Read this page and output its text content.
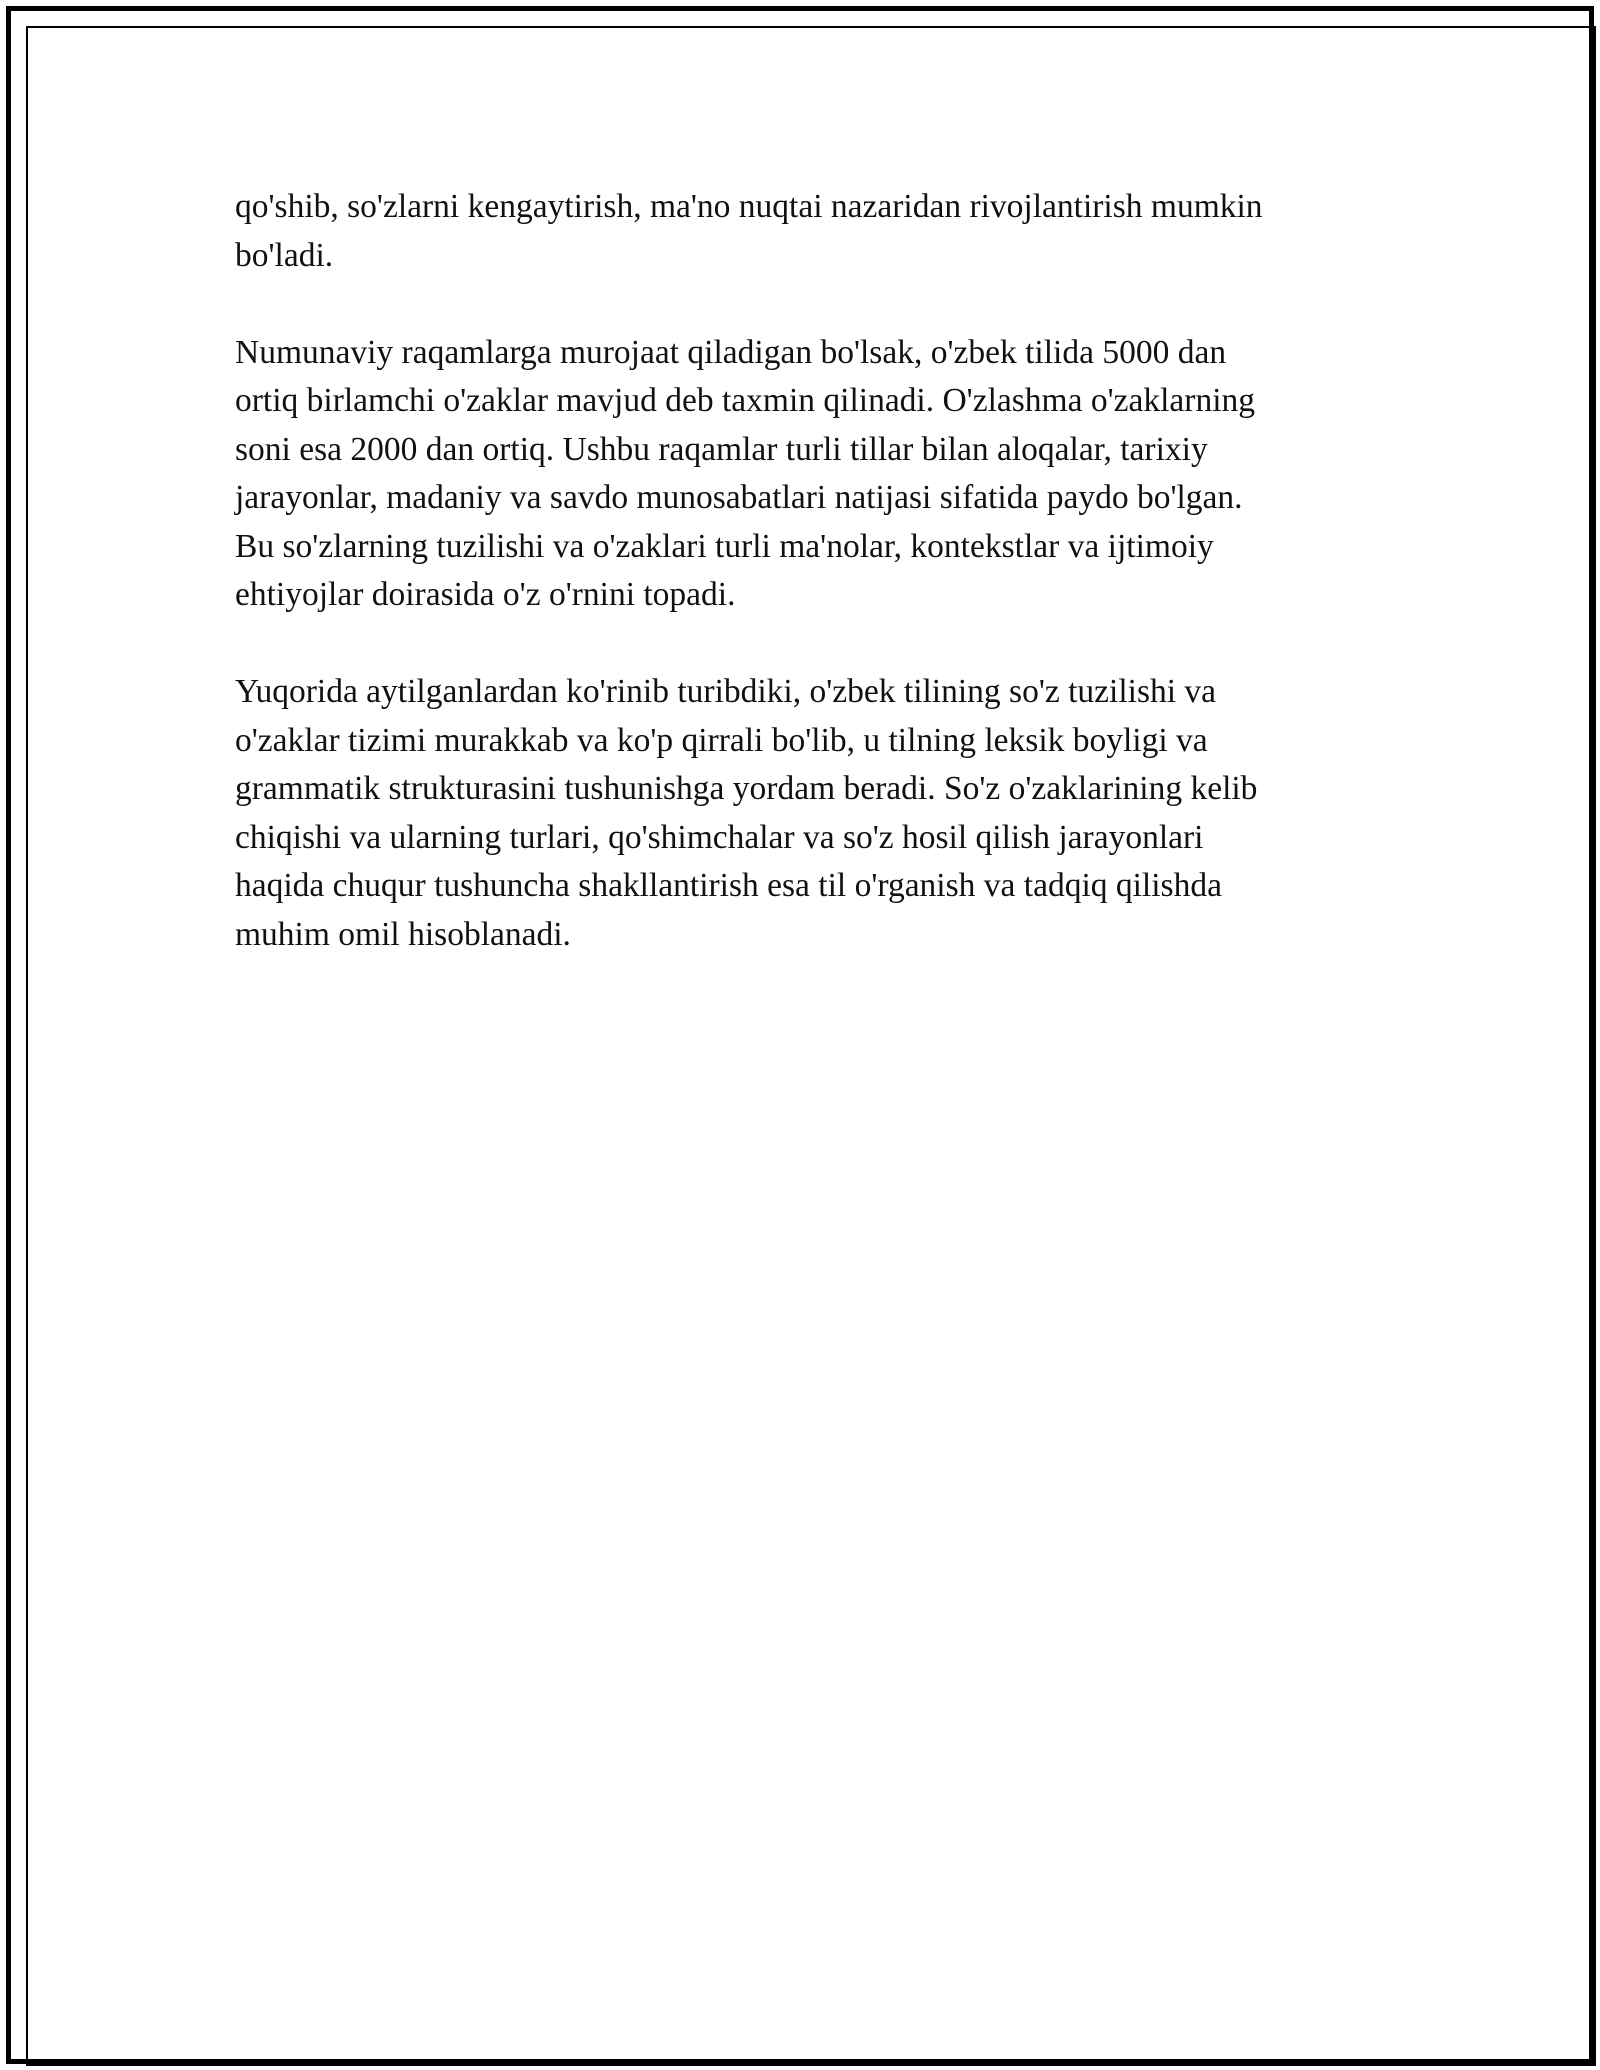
qo'shib, so'zlarni kengaytirish, ma'no nuqtai nazaridan rivojlantirish mumkin
bo'ladi.

Numunaviy raqamlarga murojaat qiladigan bo'lsak, o'zbek tilida 5000 dan
ortiq birlamchi o'zaklar mavjud deb taxmin qilinadi. O'zlashma o'zaklarning
soni esa 2000 dan ortiq. Ushbu raqamlar turli tillar bilan aloqalar, tarixiy
jarayonlar, madaniy va savdo munosabatlari natijasi sifatida paydo bo'lgan.
Bu so'zlarning tuzilishi va o'zaklari turli ma'nolar, kontekstlar va ijtimoiy
ehtiyojlar doirasida o'z o'rnini topadi.

Yuqorida aytilganlardan ko'rinib turibdiki, o'zbek tilining so'z tuzilishi va
o'zaklar tizimi murakkab va ko'p qirrali bo'lib, u tilning leksik boyligi va
grammatik strukturasini tushunishga yordam beradi. So'z o'zaklarining kelib
chiqishi va ularning turlari, qo'shimchalar va so'z hosil qilish jarayonlari
haqida chuqur tushuncha shakllantirish esa til o'rganish va tadqiq qilishda
muhim omil hisoblanadi.
